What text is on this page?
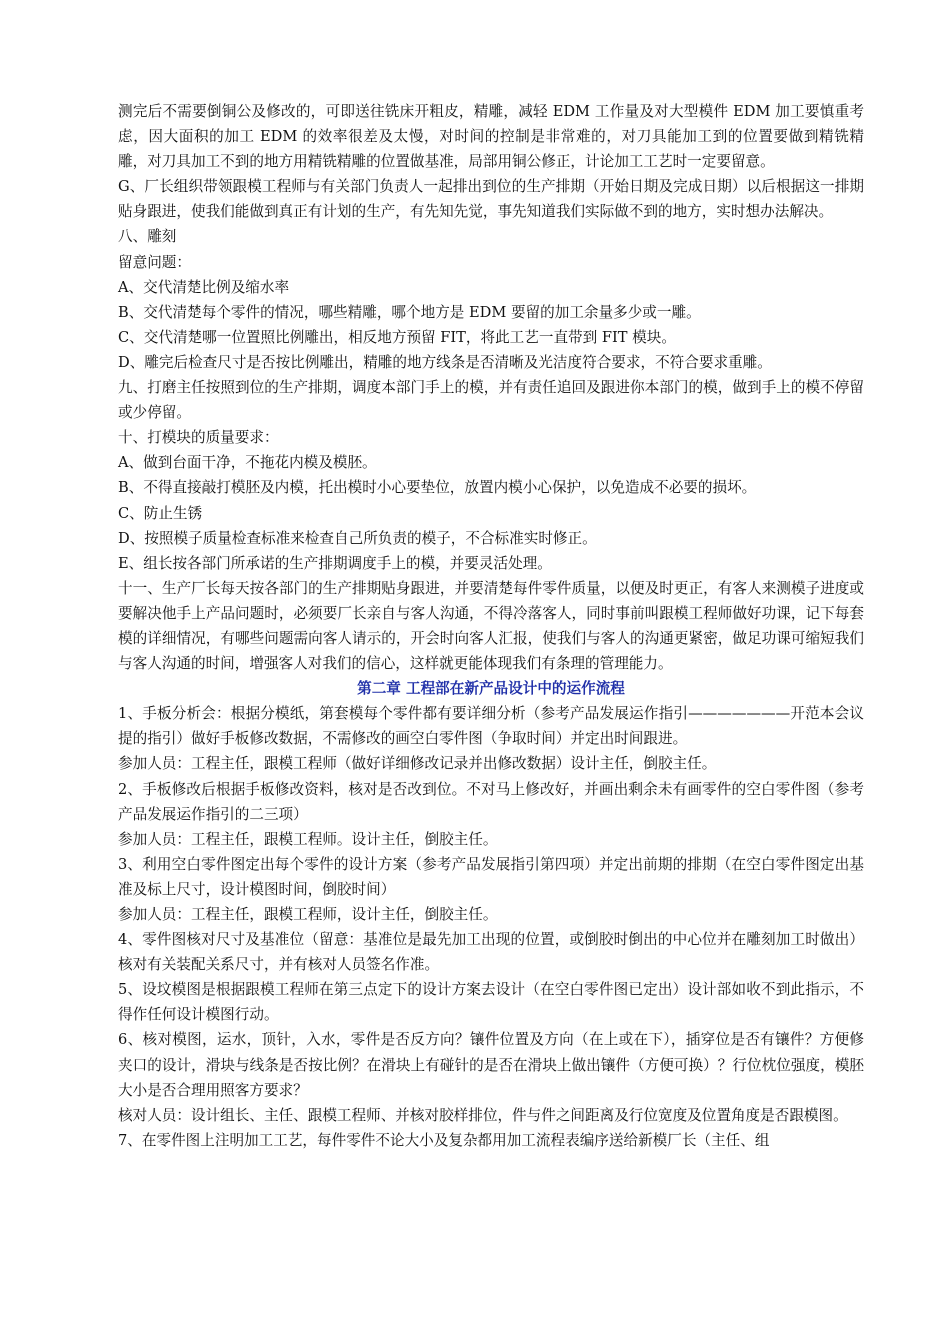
测完后不需要倒铜公及修改的，可即送往铣床开粗皮，精雕，减轻 EDM 工作量及对大型模件 EDM 加工要慎重考虑，因大面积的加工 EDM 的效率很差及太慢，对时间的控制是非常难的，对刀具能加工到的位置要做到精铣精雕，对刀具加工不到的地方用精铣精雕的位置做基准，局部用铜公修正，计论加工工艺时一定要留意。

G、厂长组织带领跟模工程师与有关部门负责人一起排出到位的生产排期（开始日期及完成日期）以后根据这一排期贴身跟进，使我们能做到真正有计划的生产，有先知先觉，事先知道我们实际做不到的地方，实时想办法解决。

八、雕刻

留意问题：

A、交代清楚比例及缩水率

B、交代清楚每个零件的情况，哪些精雕，哪个地方是 EDM 要留的加工余量多少或一雕。

C、交代清楚哪一位置照比例雕出，相反地方预留 FIT，将此工艺一直带到 FIT 模块。

D、雕完后检查尺寸是否按比例雕出，精雕的地方线条是否清晰及光洁度符合要求，不符合要求重雕。

九、打磨主任按照到位的生产排期，调度本部门手上的模，并有责任追回及跟进你本部门的模，做到手上的模不停留或少停留。

十、打模块的质量要求：

A、做到台面干净，不拖花内模及模胚。

B、不得直接敲打模胚及内模，托出模时小心要垫位，放置内模小心保护，以免造成不必要的损坏。

C、防止生锈

D、按照模子质量检查标准来检查自己所负责的模子，不合标准实时修正。

E、组长按各部门所承诺的生产排期调度手上的模，并要灵活处理。

十一、生产厂长每天按各部门的生产排期贴身跟进，并要清楚每件零件质量，以便及时更正，有客人来测模子进度或要解决他手上产品问题时，必须要厂长亲自与客人沟通，不得冷落客人，同时事前叫跟模工程师做好功课，记下每套模的详细情况，有哪些问题需向客人请示的，开会时向客人汇报，使我们与客人的沟通更紧密，做足功课可缩短我们与客人沟通的时间，增强客人对我们的信心，这样就更能体现我们有条理的管理能力。

第二章 工程部在新产品设计中的运作流程

1、手板分析会：根据分模纸，第套模每个零件都有要详细分析（参考产品发展运作指引———————开范本会议提的指引）做好手板修改数据，不需修改的画空白零件图（争取时间）并定出时间跟进。

参加人员：工程主任，跟模工程师（做好详细修改记录并出修改数据）设计主任，倒胶主任。

2、手板修改后根据手板修改资料，核对是否改到位。不对马上修改好，并画出剩余未有画零件的空白零件图（参考产品发展运作指引的二三项）

参加人员：工程主任，跟模工程师。设计主任，倒胶主任。

3、利用空白零件图定出每个零件的设计方案（参考产品发展指引第四项）并定出前期的排期（在空白零件图定出基准及标上尺寸，设计模图时间，倒胶时间）

参加人员：工程主任，跟模工程师，设计主任，倒胶主任。

4、零件图核对尺寸及基准位（留意：基准位是最先加工出现的位置，或倒胶时倒出的中心位并在雕刻加工时做出）核对有关装配关系尺寸，并有核对人员签名作准。

5、设坟模图是根据跟模工程师在第三点定下的设计方案去设计（在空白零件图已定出）设计部如收不到此指示，不得作任何设计模图行动。

6、核对模图，运水，顶针，入水，零件是否反方向？镶件位置及方向（在上或在下），插穿位是否有镶件？方便修夹口的设计，滑块与线条是否按比例？在滑块上有碰针的是否在滑块上做出镶件（方便可换）？行位枕位强度，模胚大小是否合理用照客方要求？

核对人员：设计组长、主任、跟模工程师、并核对胶样排位，件与件之间距离及行位宽度及位置角度是否跟模图。

7、在零件图上注明加工工艺，每件零件不论大小及复杂都用加工流程表编序送给新模厂长（主任、组
